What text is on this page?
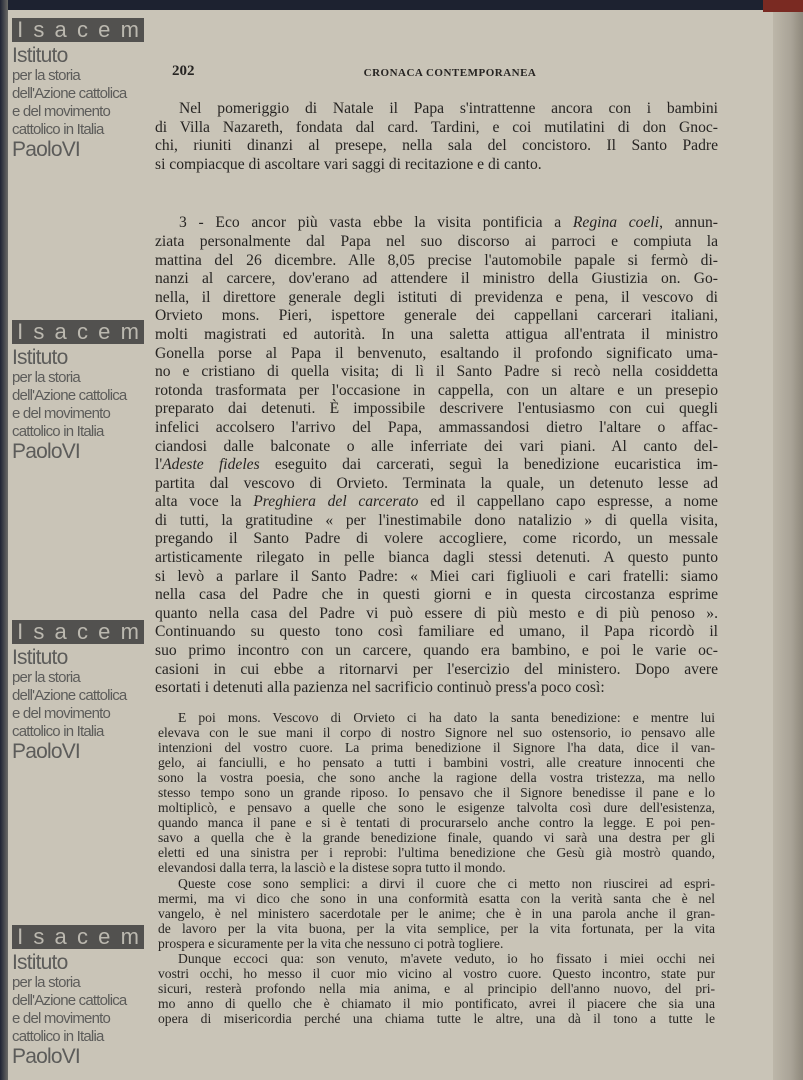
202	CRONACA CONTEMPORANEA
Nel pomeriggio di Natale il Papa s'intrattenne ancora con i bambini
di Villa Nazareth, fondata dal card. Tardini, e coi mutilatini di don Gnoc-
chi, riuniti dinanzi al presepe, nella sala del concistoro. Il Santo Padre
si compiacque di ascoltare vari saggi di recitazione e di canto.
3 - Eco ancor più vasta ebbe la visita pontificia a Regina coeli, annun-
ziata personalmente dal Papa nel suo discorso ai parroci e compiuta la
mattina del 26 dicembre. Alle 8,05 precise l'automobile papale si fermò di-
nanzi al carcere, dov'erano ad attendere il ministro della Giustizia on. Go-
nella, il direttore generale degli istituti di previdenza e pena, il vescovo di
Orvieto mons. Pieri, ispettore generale dei cappellani carcerari italiani,
molti magistrati ed autorità. In una saletta attigua all'entrata il ministro
Gonella porse al Papa il benvenuto, esaltando il profondo significato uma-
no e cristiano di quella visita; di lì il Santo Padre si recò nella cosiddetta
rotonda trasformata per l'occasione in cappella, con un altare e un presepio
preparato dai detenuti. È impossibile descrivere l'entusiasmo con cui quegli
infelici accolsero l'arrivo del Papa, ammassandosi dietro l'altare o affac-
ciandosi dalle balconate o alle inferriate dei vari piani. Al canto del-
l'Adeste fideles eseguito dai carcerati, seguì la benedizione eucaristica im-
partita dal vescovo di Orvieto. Terminata la quale, un detenuto lesse ad
alta voce la Preghiera del carcerato ed il cappellano capo espresse, a nome
di tutti, la gratitudine « per l'inestimabile dono natalizio » di quella visita,
pregando il Santo Padre di volere accogliere, come ricordo, un messale
artisticamente rilegato in pelle bianca dagli stessi detenuti. A questo punto
si levò a parlare il Santo Padre: « Miei cari figliuoli e cari fratelli: siamo
nella casa del Padre che in questi giorni e in questa circostanza esprime
quanto nella casa del Padre vi può essere di più mesto e di più penoso ».
Continuando su questo tono così familiare ed umano, il Papa ricordò il
suo primo incontro con un carcere, quando era bambino, e poi le varie oc-
casioni in cui ebbe a ritornarvi per l'esercizio del ministero. Dopo avere
esortati i detenuti alla pazienza nel sacrificio continuò press'a poco così:
E poi mons. Vescovo di Orvieto ci ha dato la santa benedizione: e mentre lui
elevava con le sue mani il corpo di nostro Signore nel suo ostensorio, io pensavo alle
intenzioni del vostro cuore. La prima benedizione il Signore l'ha data, dice il van-
gelo, ai fanciulli, e ho pensato a tutti i bambini vostri, alle creature innocenti che
sono la vostra poesia, che sono anche la ragione della vostra tristezza, ma nello
stesso tempo sono un grande riposo. Io pensavo che il Signore benedisse il pane e lo
moltiplicò, e pensavo a quelle che sono le esigenze talvolta così dure dell'esistenza,
quando manca il pane e si è tentati di procurarselo anche contro la legge. E poi pen-
savo a quella che è la grande benedizione finale, quando vi sarà una destra per gli
eletti ed una sinistra per i reprobi: l'ultima benedizione che Gesù già mostrò quando,
elevandosi dalla terra, la lasciò e la distese sopra tutto il mondo.
Queste cose sono semplici: a dirvi il cuore che ci metto non riuscirei ad espri-
mermi, ma vi dico che sono in una conformità esatta con la verità santa che è nel
vangelo, è nel ministero sacerdotale per le anime; che è in una parola anche il gran-
de lavoro per la vita buona, per la vita semplice, per la vita fortunata, per la vita
prospera e sicuramente per la vita che nessuno ci potrà togliere.
Dunque eccoci qua: son venuto, m'avete veduto, io ho fissato i miei occhi nei
vostri occhi, ho messo il cuor mio vicino al vostro cuore. Questo incontro, state pur
sicuri, resterà profondo nella mia anima, e al principio dell'anno nuovo, del pri-
mo anno di quello che è chiamato il mio pontificato, avrei il piacere che sia una
opera di misericordia perché una chiama tutte le altre, una dà il tono a tutte le
I s a c e m
Istituto
per la storia
dell'Azione cattolica
e del movimento
cattolico in Italia
PaoloVI
I s a c e m
Istituto
per la storia
dell'Azione cattolica
e del movimento
cattolico in Italia
PaoloVI
I s a c e m
Istituto
per la storia
dell'Azione cattolica
e del movimento
cattolico in Italia
PaoloVI
I s a c e m
Istituto
per la storia
dell'Azione cattolica
e del movimento
cattolico in Italia
PaoloVI
